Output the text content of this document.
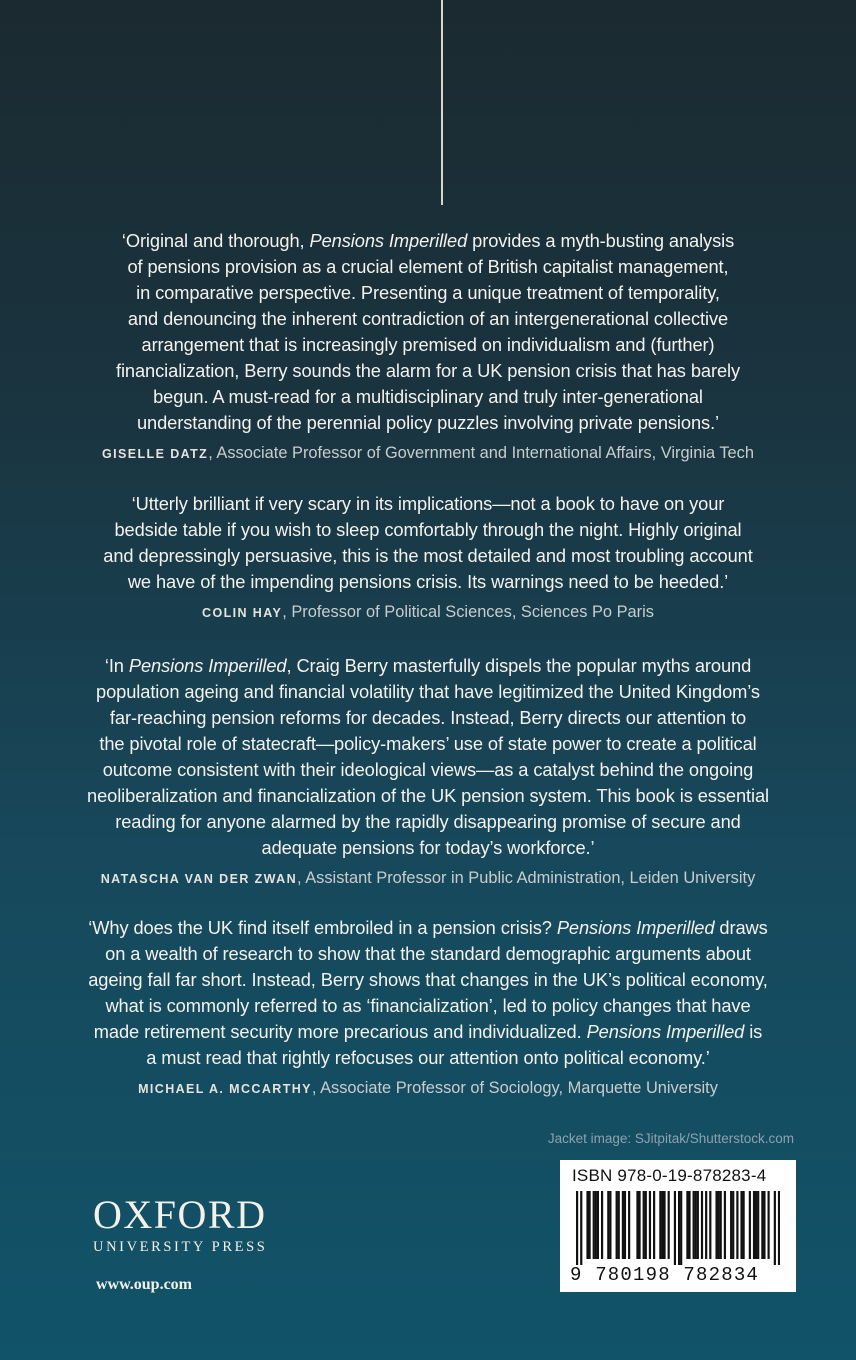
‘Original and thorough, Pensions Imperilled provides a myth-busting analysis
of pensions provision as a crucial element of British capitalist management,
in comparative perspective. Presenting a unique treatment of temporality,
and denouncing the inherent contradiction of an intergenerational collective
arrangement that is increasingly premised on individualism and (further)
financialization, Berry sounds the alarm for a UK pension crisis that has barely
begun. A must-read for a multidisciplinary and truly inter-generational
understanding of the perennial policy puzzles involving private pensions.’

GISELLE DATZ, Associate Professor of Government and International Affairs, Virginia Tech

‘Utterly brilliant if very scary in its implications—not a book to have on your
bedside table if you wish to sleep comfortably through the night. Highly original
and depressingly persuasive, this is the most detailed and most troubling account
we have of the impending pensions crisis. Its warnings need to be heeded.’

COLIN HAY, Professor of Political Sciences, Sciences Po Paris

‘In Pensions Imperilled, Craig Berry masterfully dispels the popular myths around
population ageing and financial volatility that have legitimized the United Kingdom’s
far-reaching pension reforms for decades. Instead, Berry directs our attention to
the pivotal role of statecraft—policy-makers’ use of state power to create a political
outcome consistent with their ideological views—as a catalyst behind the ongoing
neoliberalization and financialization of the UK pension system. This book is essential
reading for anyone alarmed by the rapidly disappearing promise of secure and
adequate pensions for today’s workforce.’

NATASCHA VAN DER ZWAN, Assistant Professor in Public Administration, Leiden University

‘Why does the UK find itself embroiled in a pension crisis? Pensions Imperilled draws
on a wealth of research to show that the standard demographic arguments about
ageing fall far short. Instead, Berry shows that changes in the UK’s political economy,
what is commonly referred to as ‘financialization’, led to policy changes that have
made retirement security more precarious and individualized. Pensions Imperilled is
a must read that rightly refocuses our attention onto political economy.’

MICHAEL A. MCCARTHY, Associate Professor of Sociology, Marquette University
Jacket image: SJitpitak/Shutterstock.com
ISBN 978-0-19-878283-4
9 780198 782834
OXFORD
UNIVERSITY PRESS
www.oup.com
